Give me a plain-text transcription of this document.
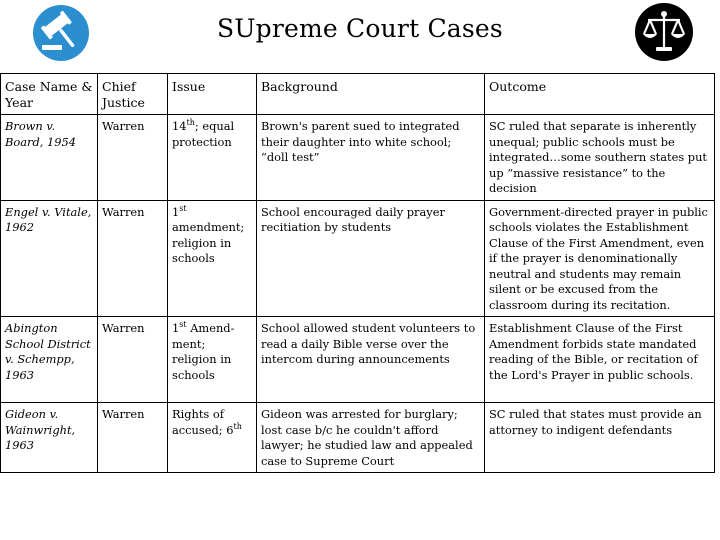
SUpreme Court Cases
Case Name & Year	Chief Justice	Issue	Background	Outcome
Brown v. Board, 1954	Warren	14th; equal protection	Brown's parent sued to integrated their daughter into white school; “doll test”	SC ruled that separate is inherently unequal; public schools must be integrated…some southern states put up “massive resistance” to the decision
Engel v. Vitale, 1962	Warren	1st amendment; religion in schools	School encouraged daily prayer recitiation by students	Government-directed prayer in public schools violates the Establishment Clause of the First Amendment, even if the prayer is denominationally neutral and students may remain silent or be excused from the classroom during its recitation.
Abington School District v. Schempp, 1963	Warren	1st Amend-ment; religion in schools	School allowed student volunteers to read a daily Bible verse over the intercom during announcements	Establishment Clause of the First Amendment forbids state mandated reading of the Bible, or recitation of the Lord's Prayer in public schools.
Gideon v. Wainwright, 1963	Warren	Rights of accused; 6th	Gideon was arrested for burglary; lost case b/c he couldn't afford lawyer; he studied law and appealed case to Supreme Court	SC ruled that states must provide an attorney to indigent defendants
